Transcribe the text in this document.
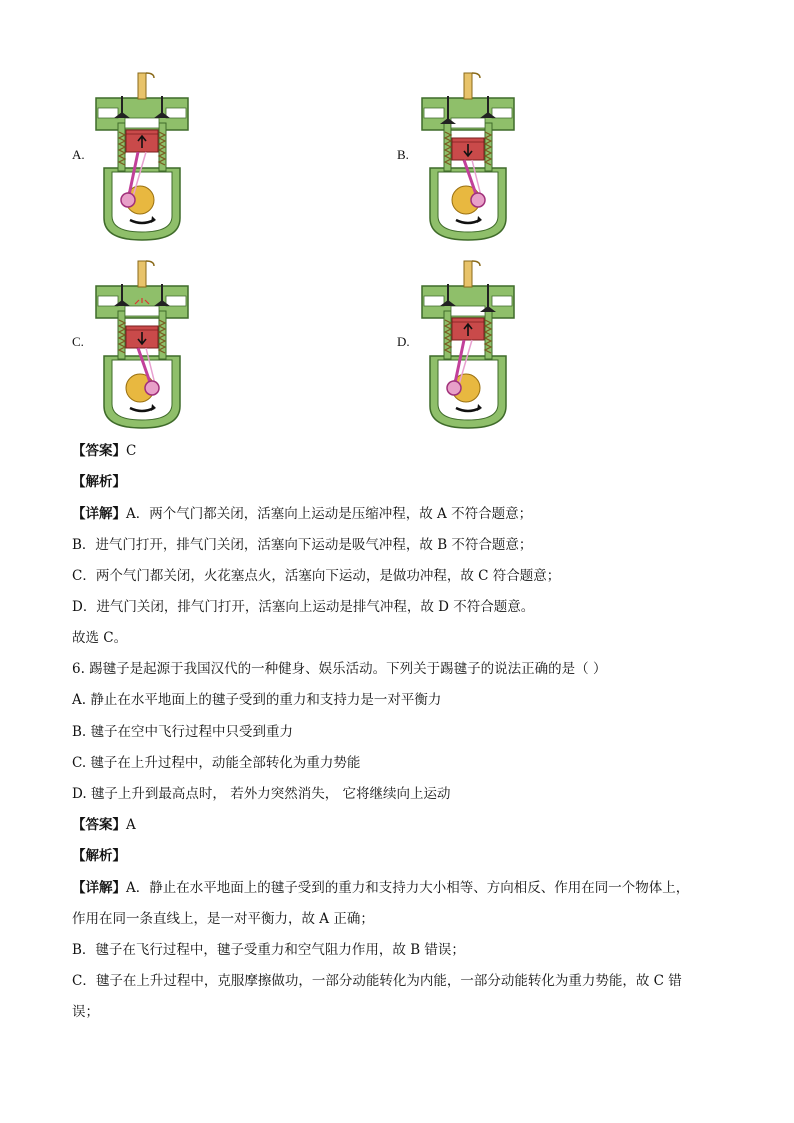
A.	B.
C.	D.
【答案】C
【解析】
【详解】A．两个气门都关闭，活塞向上运动是压缩冲程，故 A 不符合题意；
B．进气门打开，排气门关闭，活塞向下运动是吸气冲程，故 B 不符合题意；
C．两个气门都关闭，火花塞点火，活塞向下运动，是做功冲程，故 C 符合题意；
D．进气门关闭，排气门打开，活塞向上运动是排气冲程，故 D 不符合题意。
故选 C。
6. 踢毽子是起源于我国汉代的一种健身、娱乐活动。下列关于踢毽子的说法正确的是（ ）
A. 静止在水平地面上的毽子受到的重力和支持力是一对平衡力
B. 毽子在空中飞行过程中只受到重力
C. 毽子在上升过程中，动能全部转化为重力势能
D. 毽子上升到最高点时， 若外力突然消失， 它将继续向上运动
【答案】A
【解析】
【详解】A．静止在水平地面上的毽子受到的重力和支持力大小相等、方向相反、作用在同一个物体上，
作用在同一条直线上，是一对平衡力，故 A 正确；
B．毽子在飞行过程中，毽子受重力和空气阻力作用，故 B 错误；
C．毽子在上升过程中，克服摩擦做功，一部分动能转化为内能，一部分动能转化为重力势能，故 C 错
误；
